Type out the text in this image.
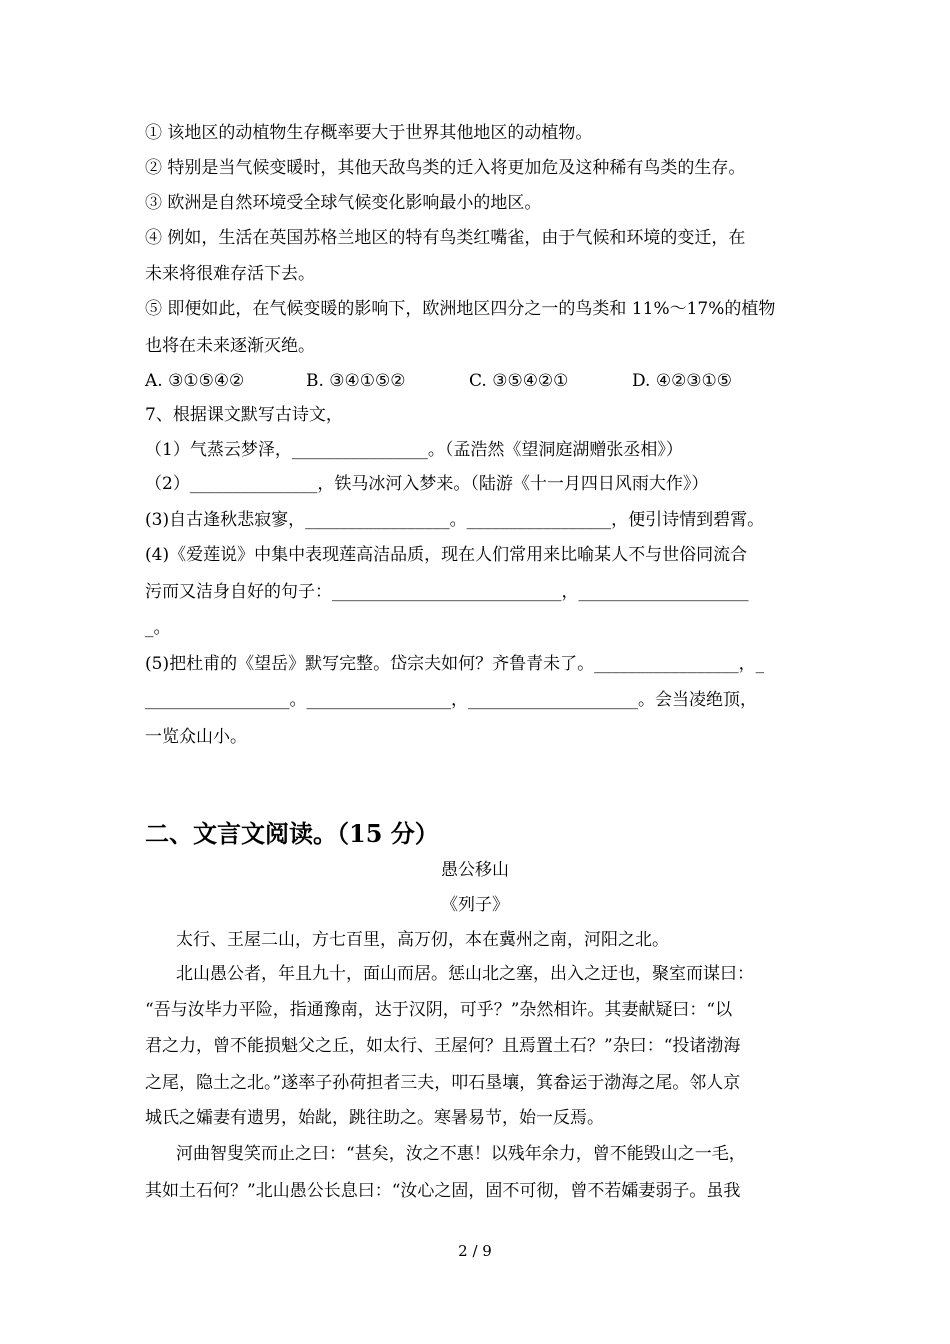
① 该地区的动植物生存概率要大于世界其他地区的动植物。
② 特别是当气候变暖时，其他天敌鸟类的迁入将更加危及这种稀有鸟类的生存。
③ 欧洲是自然环境受全球气候变化影响最小的地区。
④ 例如，生活在英国苏格兰地区的特有鸟类红嘴雀，由于气候和环境的变迁，在
未来将很难存活下去。
⑤ 即便如此，在气候变暖的影响下，欧洲地区四分之一的鸟类和 11%～17%的植物
也将在未来逐渐灭绝。
A. ③①⑤④②	B. ③④①⑤②	C. ③⑤④②①	D. ④②③①⑤
7、根据课文默写古诗文，
（1）气蒸云梦泽，________________。（孟浩然《望洞庭湖赠张丞相》）
（2）_______________，铁马冰河入梦来。（陆游《十一月四日风雨大作》）
(3)自古逢秋悲寂寥，_________________。_________________，便引诗情到碧霄。
(4)《爱莲说》中集中表现莲高洁品质，现在人们常用来比喻某人不与世俗同流合
污而又洁身自好的句子：___________________________，____________________
_。
(5)把杜甫的《望岳》默写完整。岱宗夫如何？齐鲁青未了。_________________，_
_________________。_________________，____________________。会当凌绝顶，
一览众山小。
二、文言文阅读。（15 分）
愚公移山
《列子》
太行、王屋二山，方七百里，高万仞，本在冀州之南，河阳之北。
北山愚公者，年且九十，面山而居。惩山北之塞，出入之迂也，聚室而谋曰：
“吾与汝毕力平险，指通豫南，达于汉阴，可乎？”杂然相许。其妻献疑曰：“以
君之力，曾不能损魁父之丘，如太行、王屋何？且焉置土石？”杂曰：“投诸渤海
之尾，隐土之北。”遂率子孙荷担者三夫，叩石垦壤，箕畚运于渤海之尾。邻人京
城氏之孀妻有遗男，始龀，跳往助之。寒暑易节，始一反焉。
河曲智叟笑而止之曰：“甚矣，汝之不惠！以残年余力，曾不能毁山之一毛，
其如土石何？”北山愚公长息曰：“汝心之固，固不可彻，曾不若孀妻弱子。虽我
2 / 9
